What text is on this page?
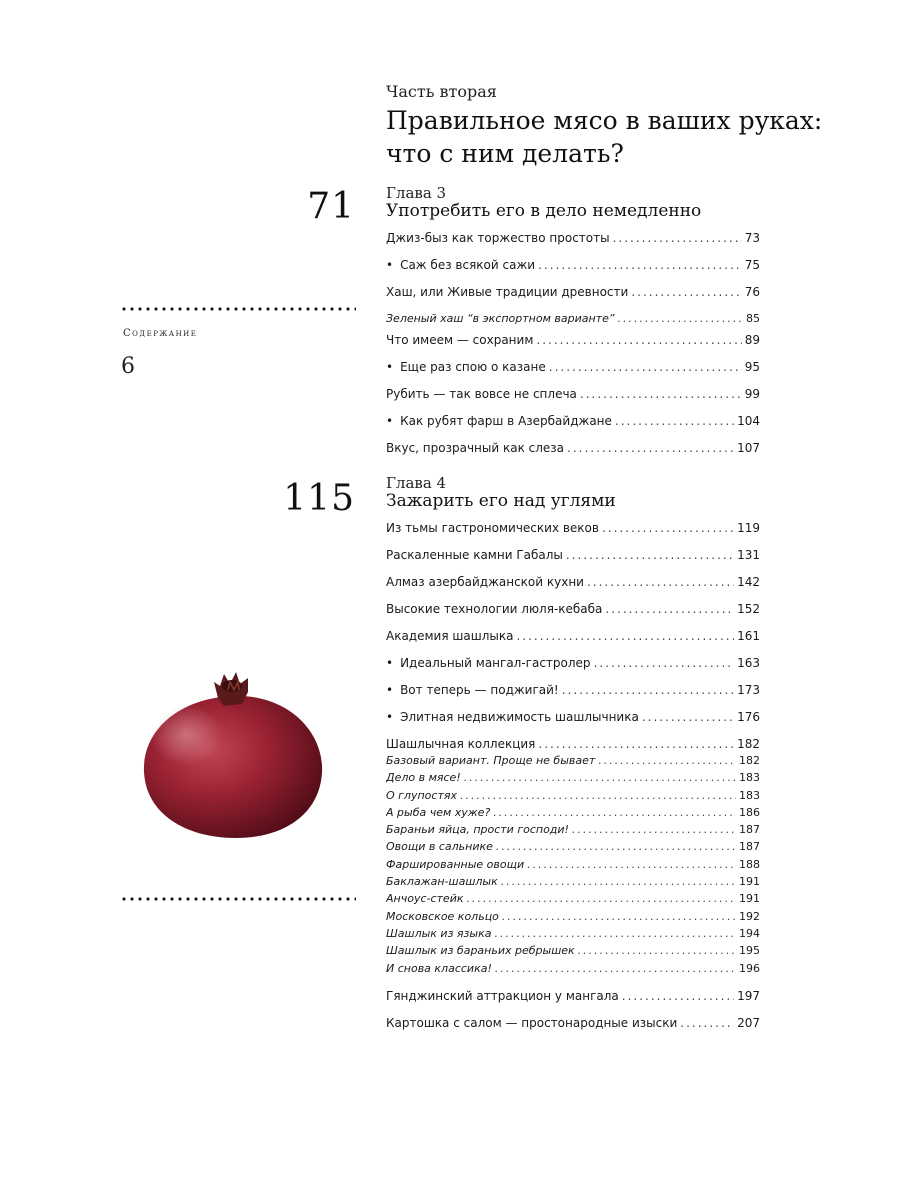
Часть вторая
Правильное мясо в ваших руках: что с ним делать?
71 Глава 3
Употребить его в дело немедленно
Джиз-быз как торжество простоты .....	73
• Саж без всякой сажи .....	75
Хаш, или Живые традиции древности .....	76
Зеленый хаш “в экспортном варианте” .....	85
Что имеем — сохраним .....	89
• Еще раз спою о казане .....	95
Рубить — так вовсе не сплеча .....	99
• Как рубят фарш в Азербайджане .....	104
Вкус, прозрачный как слеза .....	107
Содержание
6
115 Глава 4
Зажарить его над углями
Из тьмы гастрономических веков .....	119
Раскаленные камни Габалы .....	131
Алмаз азербайджанской кухни .....	142
Высокие технологии люля-кебаба .....	152
Академия шашлыка .....	161
• Идеальный мангал-гастролер .....	163
• Вот теперь — поджигай! .....	173
• Элитная недвижимость шашлычника .....	176
Шашлычная коллекция .....	182
Базовый вариант. Проще не бывает .....	182
Дело в мясе! .....	183
О глупостях .....	183
А рыба чем хуже? .....	186
Бараньи яйца, прости господи! .....	187
Овощи в сальнике .....	187
Фаршированные овощи .....	188
Баклажан-шашлык .....	191
Анчоус-стейк .....	191
Московское кольцо .....	192
Шашлык из языка .....	194
Шашлык из бараньих ребрышек .....	195
И снова классика! .....	196
Гянджинский аттракцион у мангала .....	197
Картошка с салом — простонародные изыски .....	207
